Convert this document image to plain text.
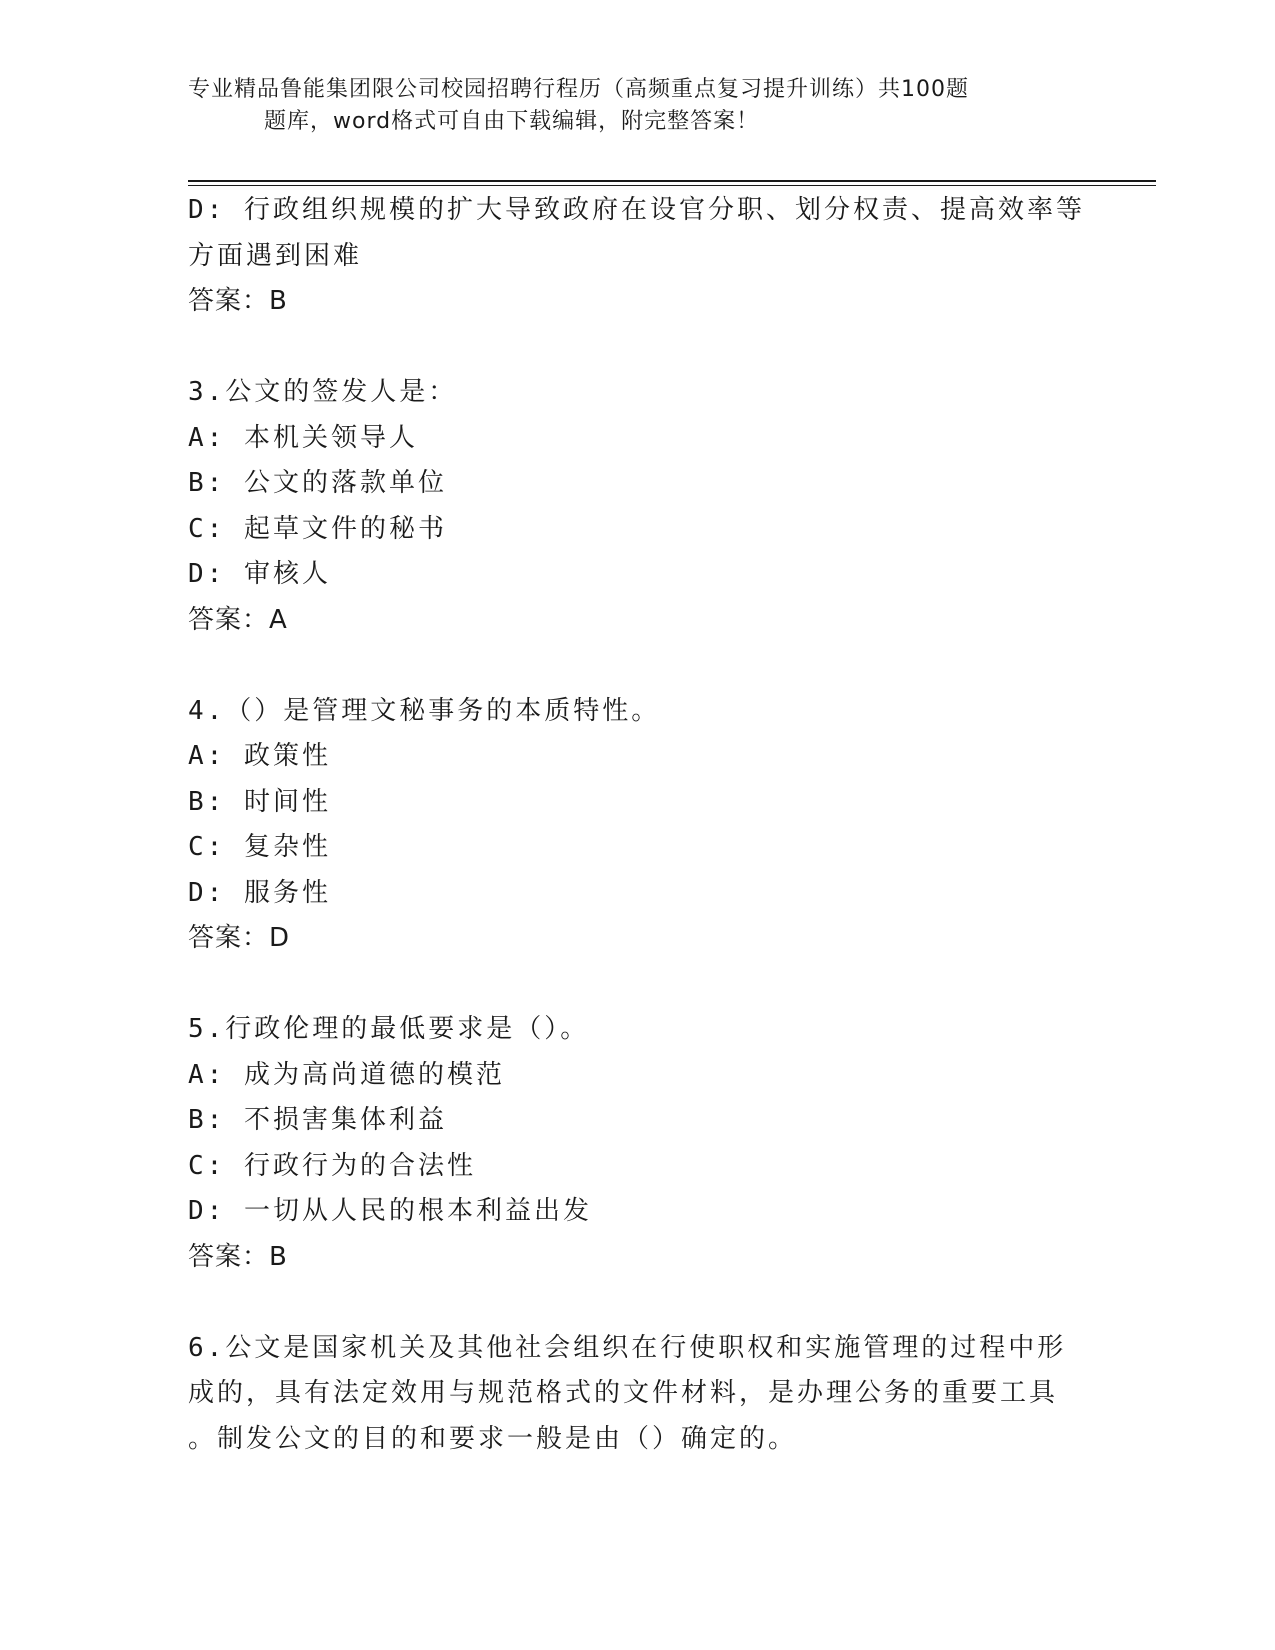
专业精品鲁能集团限公司校园招聘行程历（高频重点复习提升训练）共100题
题库，word格式可自由下载编辑，附完整答案！
D: 行政组织规模的扩大导致政府在设官分职、划分权责、提高效率等
方面遇到困难
答案：B
3.公文的签发人是：
A: 本机关领导人
B: 公文的落款单位
C: 起草文件的秘书
D: 审核人
答案：A
4.（）是管理文秘事务的本质特性。
A: 政策性
B: 时间性
C: 复杂性
D: 服务性
答案：D
5.行政伦理的最低要求是（）。
A: 成为高尚道德的模范
B: 不损害集体利益
C: 行政行为的合法性
D: 一切从人民的根本利益出发
答案：B
6.公文是国家机关及其他社会组织在行使职权和实施管理的过程中形
成的，具有法定效用与规范格式的文件材料，是办理公务的重要工具
。制发公文的目的和要求一般是由（）确定的。
